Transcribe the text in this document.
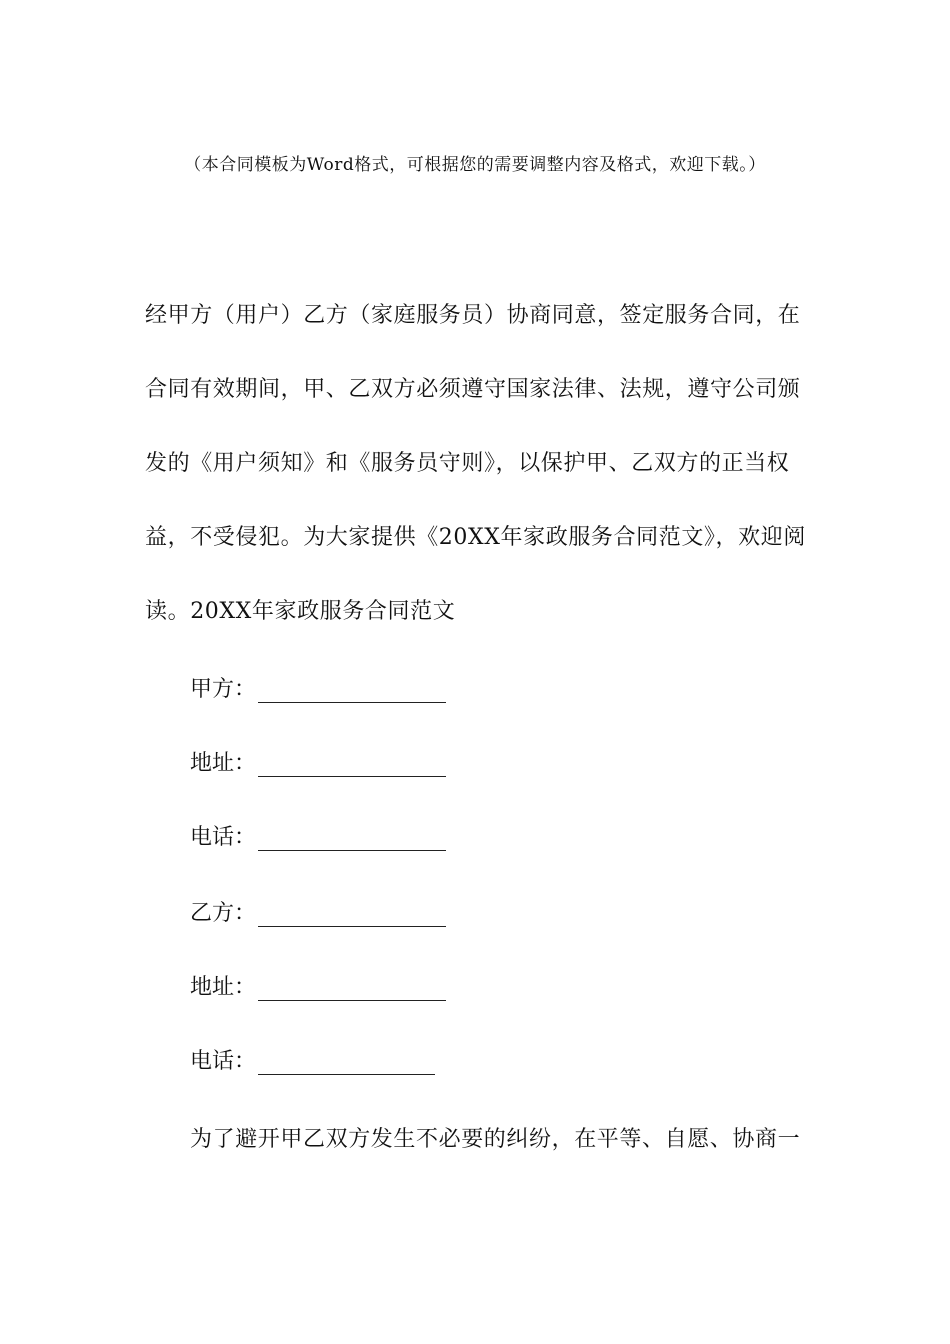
（本合同模板为Word格式，可根据您的需要调整内容及格式，欢迎下载。）
经甲方（用户）乙方（家庭服务员）协商同意，签定服务合同，在
合同有效期间，甲、乙双方必须遵守国家法律、法规，遵守公司颁
发的《用户须知》和《服务员守则》，以保护甲、乙双方的正当权
益，不受侵犯。为大家提供《20XX年家政服务合同范文》，欢迎阅
读。20XX年家政服务合同范文
甲方：
地址：
电话：
乙方：
地址：
电话：
为了避开甲乙双方发生不必要的纠纷，在平等、自愿、协商一
